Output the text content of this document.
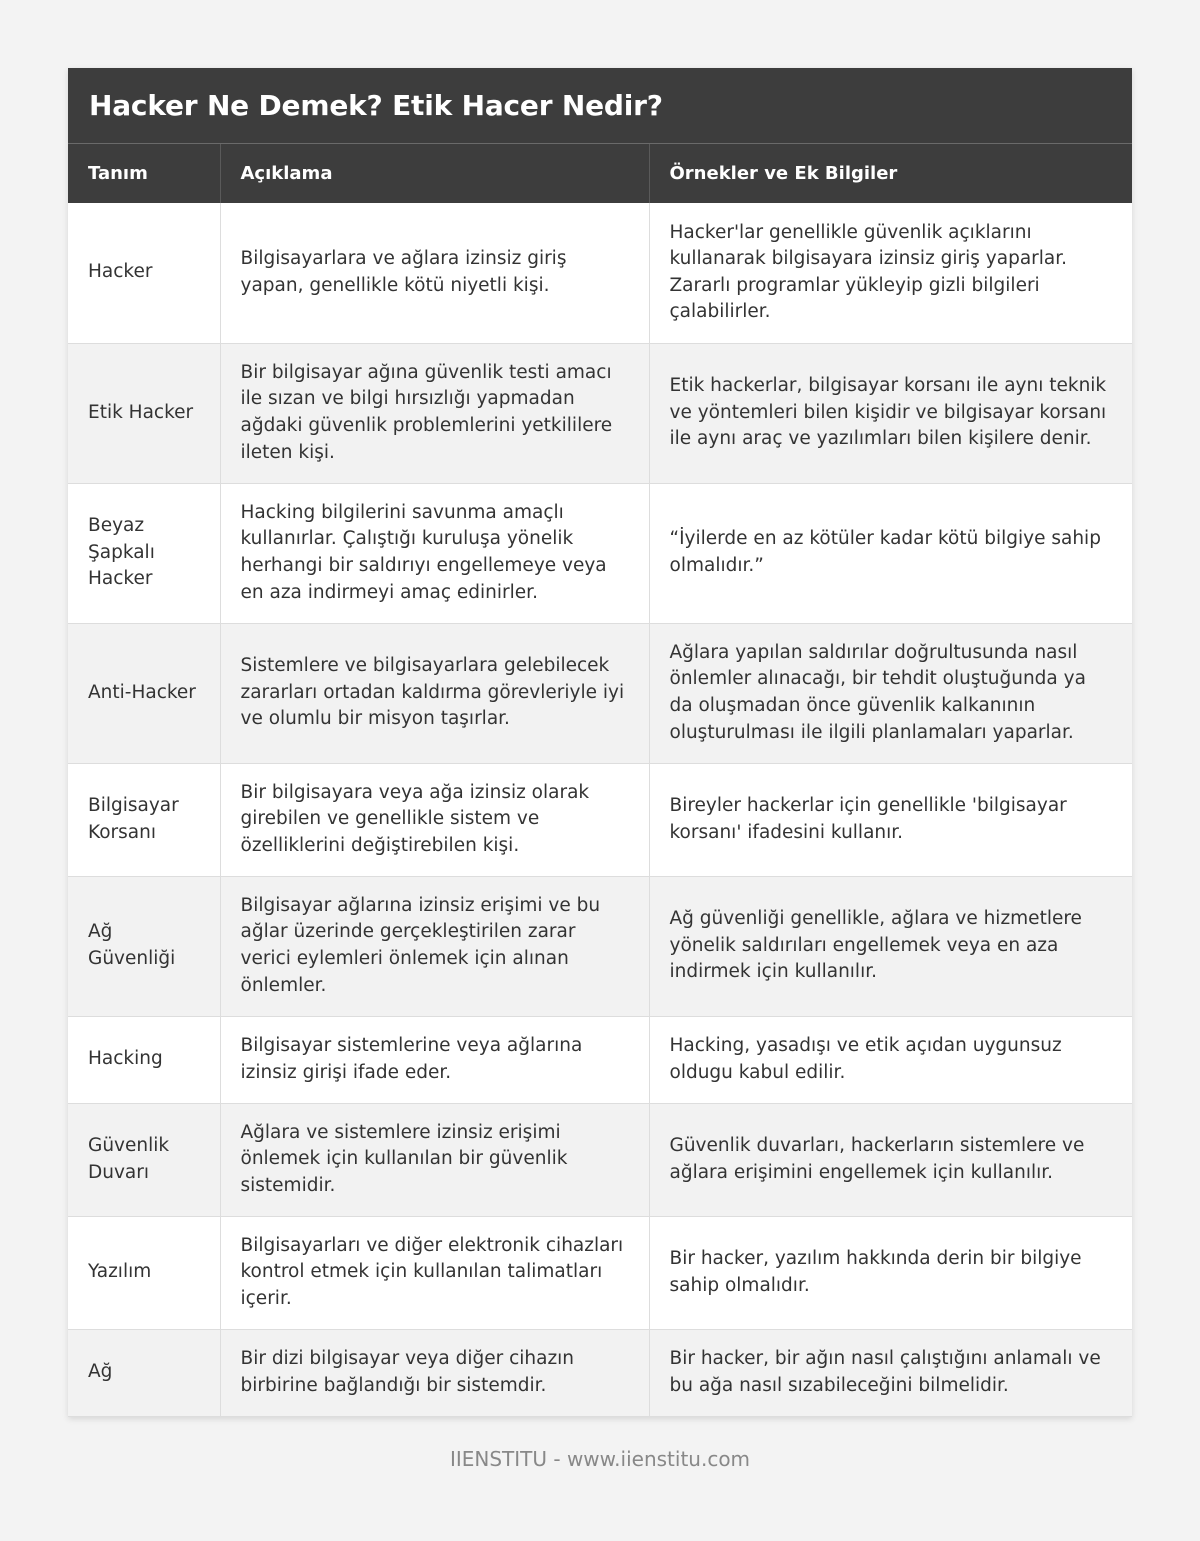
Hacker Ne Demek? Etik Hacer Nedir?
Tanım	Açıklama	Örnekler ve Ek Bilgiler
Hacker	Bilgisayarlara ve ağlara izinsiz giriş yapan, genellikle kötü niyetli kişi.	Hacker'lar genellikle güvenlik açıklarını kullanarak bilgisayara izinsiz giriş yaparlar. Zararlı programlar yükleyip gizli bilgileri çalabilirler.
Etik Hacker	Bir bilgisayar ağına güvenlik testi amacı ile sızan ve bilgi hırsızlığı yapmadan ağdaki güvenlik problemlerini yetkililere ileten kişi.	Etik hackerlar, bilgisayar korsanı ile aynı teknik ve yöntemleri bilen kişidir ve bilgisayar korsanı ile aynı araç ve yazılımları bilen kişilere denir.
Beyaz Şapkalı Hacker	Hacking bilgilerini savunma amaçlı kullanırlar. Çalıştığı kuruluşa yönelik herhangi bir saldırıyı engellemeye veya en aza indirmeyi amaç edinirler.	“İyilerde en az kötüler kadar kötü bilgiye sahip olmalıdır.”
Anti-Hacker	Sistemlere ve bilgisayarlara gelebilecek zararları ortadan kaldırma görevleriyle iyi ve olumlu bir misyon taşırlar.	Ağlara yapılan saldırılar doğrultusunda nasıl önlemler alınacağı, bir tehdit oluştuğunda ya da oluşmadan önce güvenlik kalkanının oluşturulması ile ilgili planlamaları yaparlar.
Bilgisayar Korsanı	Bir bilgisayara veya ağa izinsiz olarak girebilen ve genellikle sistem ve özelliklerini değiştirebilen kişi.	Bireyler hackerlar için genellikle 'bilgisayar korsanı' ifadesini kullanır.
Ağ Güvenliği	Bilgisayar ağlarına izinsiz erişimi ve bu ağlar üzerinde gerçekleştirilen zarar verici eylemleri önlemek için alınan önlemler.	Ağ güvenliği genellikle, ağlara ve hizmetlere yönelik saldırıları engellemek veya en aza indirmek için kullanılır.
Hacking	Bilgisayar sistemlerine veya ağlarına izinsiz girişi ifade eder.	Hacking, yasadışı ve etik açıdan uygunsuz oldugu kabul edilir.
Güvenlik Duvarı	Ağlara ve sistemlere izinsiz erişimi önlemek için kullanılan bir güvenlik sistemidir.	Güvenlik duvarları, hackerların sistemlere ve ağlara erişimini engellemek için kullanılır.
Yazılım	Bilgisayarları ve diğer elektronik cihazları kontrol etmek için kullanılan talimatları içerir.	Bir hacker, yazılım hakkında derin bir bilgiye sahip olmalıdır.
Ağ	Bir dizi bilgisayar veya diğer cihazın birbirine bağlandığı bir sistemdir.	Bir hacker, bir ağın nasıl çalıştığını anlamalı ve bu ağa nasıl sızabileceğini bilmelidir.
IIENSTITU - www.iienstitu.com
